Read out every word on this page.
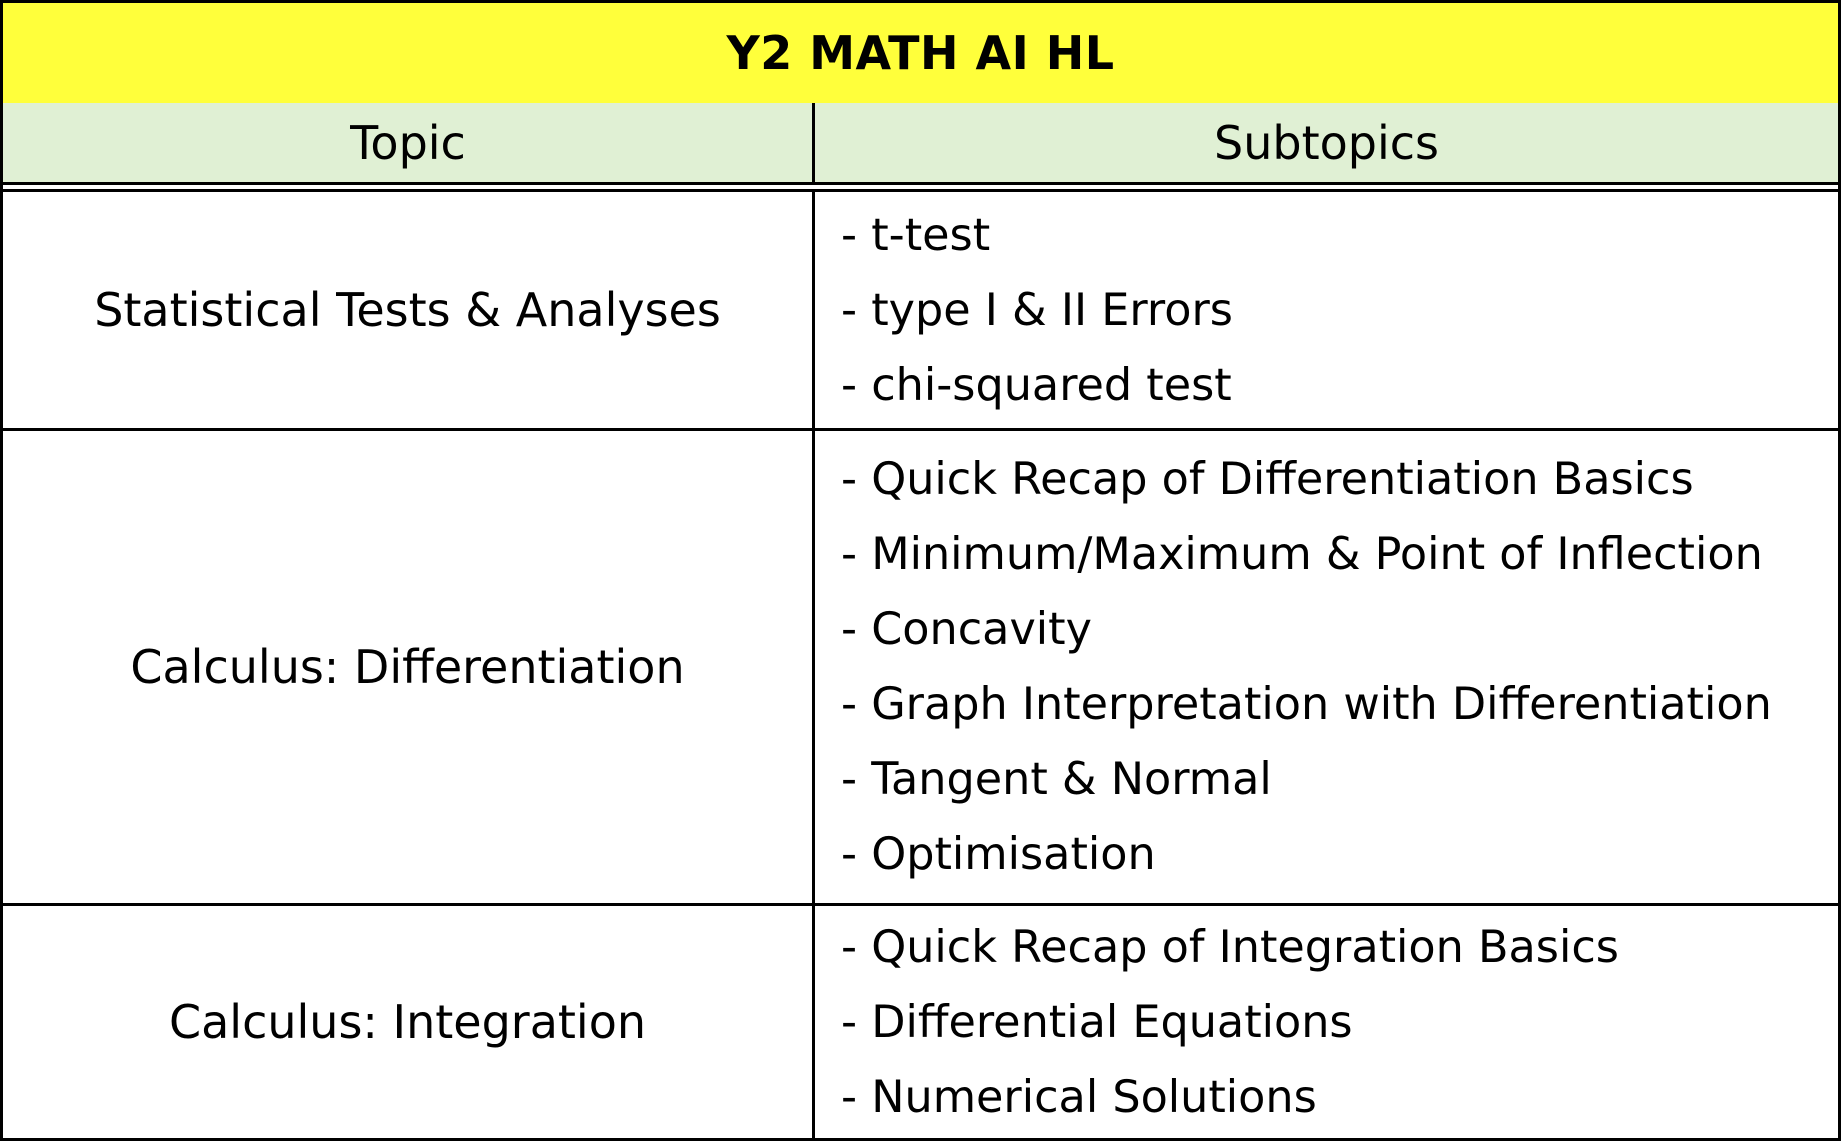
Y2 MATH AI HL
Topic	Subtopics
Statistical Tests & Analyses
- t-test
- type I & II Errors
- chi-squared test
Calculus: Differentiation
- Quick Recap of Differentiation Basics
- Minimum/Maximum & Point of Inflection
- Concavity
- Graph Interpretation with Differentiation
- Tangent & Normal
- Optimisation
Calculus: Integration
- Quick Recap of Integration Basics
- Differential Equations
- Numerical Solutions
